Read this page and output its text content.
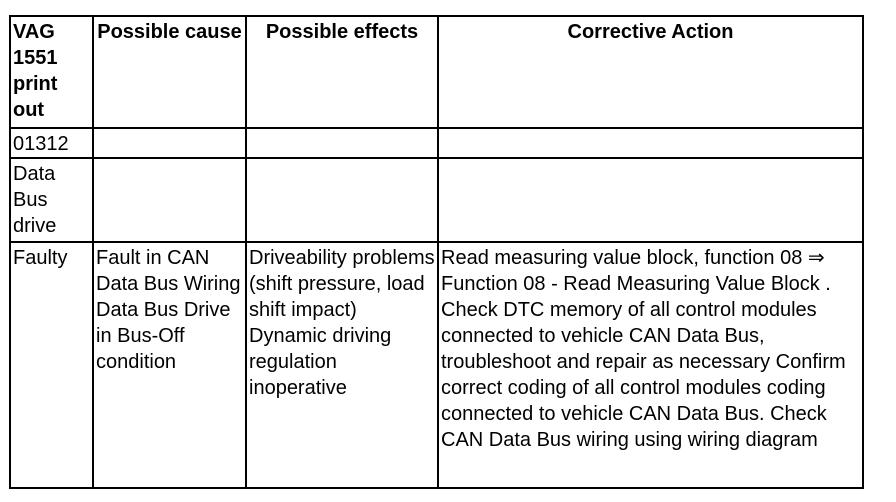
VAG 1551 print out	Possible cause	Possible effects	Corrective Action
01312			
Data Bus drive			
Faulty	Fault in CAN Data Bus Wiring Data Bus Drive in Bus-Off condition	Driveability problems (shift pressure, load shift impact) Dynamic driving regulation inoperative	Read measuring value block, function 08 ⇒ Function 08 - Read Measuring Value Block . Check DTC memory of all control modules connected to vehicle CAN Data Bus, troubleshoot and repair as necessary Confirm correct coding of all control modules coding connected to vehicle CAN Data Bus. Check CAN Data Bus wiring using wiring diagram
